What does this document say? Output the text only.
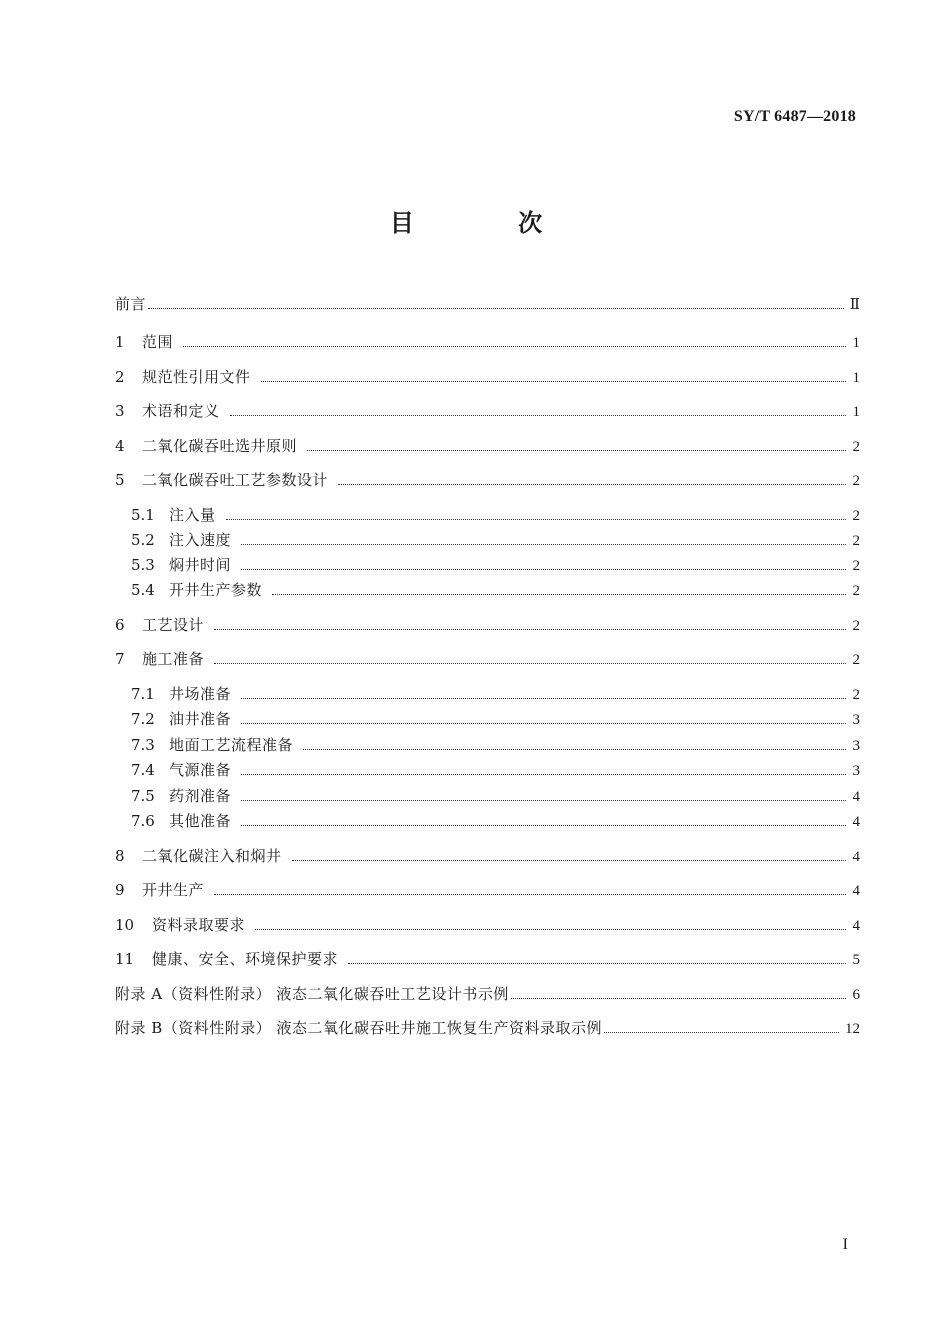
SY/T 6487—2018
目 次
前言	Ⅱ
1	范围	1
2	规范性引用文件	1
3	术语和定义	1
4	二氧化碳吞吐选井原则	2
5	二氧化碳吞吐工艺参数设计	2
5.1 注入量	2
5.2 注入速度	2
5.3 焖井时间	2
5.4 开井生产参数	2
6	工艺设计	2
7	施工准备	2
7.1 井场准备	2
7.2 油井准备	3
7.3 地面工艺流程准备	3
7.4 气源准备	3
7.5 药剂准备	4
7.6 其他准备	4
8	二氧化碳注入和焖井	4
9	开井生产	4
10	资料录取要求	4
11	健康、安全、环境保护要求	5
附录 A（资料性附录） 液态二氧化碳吞吐工艺设计书示例	6
附录 B（资料性附录） 液态二氧化碳吞吐井施工恢复生产资料录取示例	12
I
